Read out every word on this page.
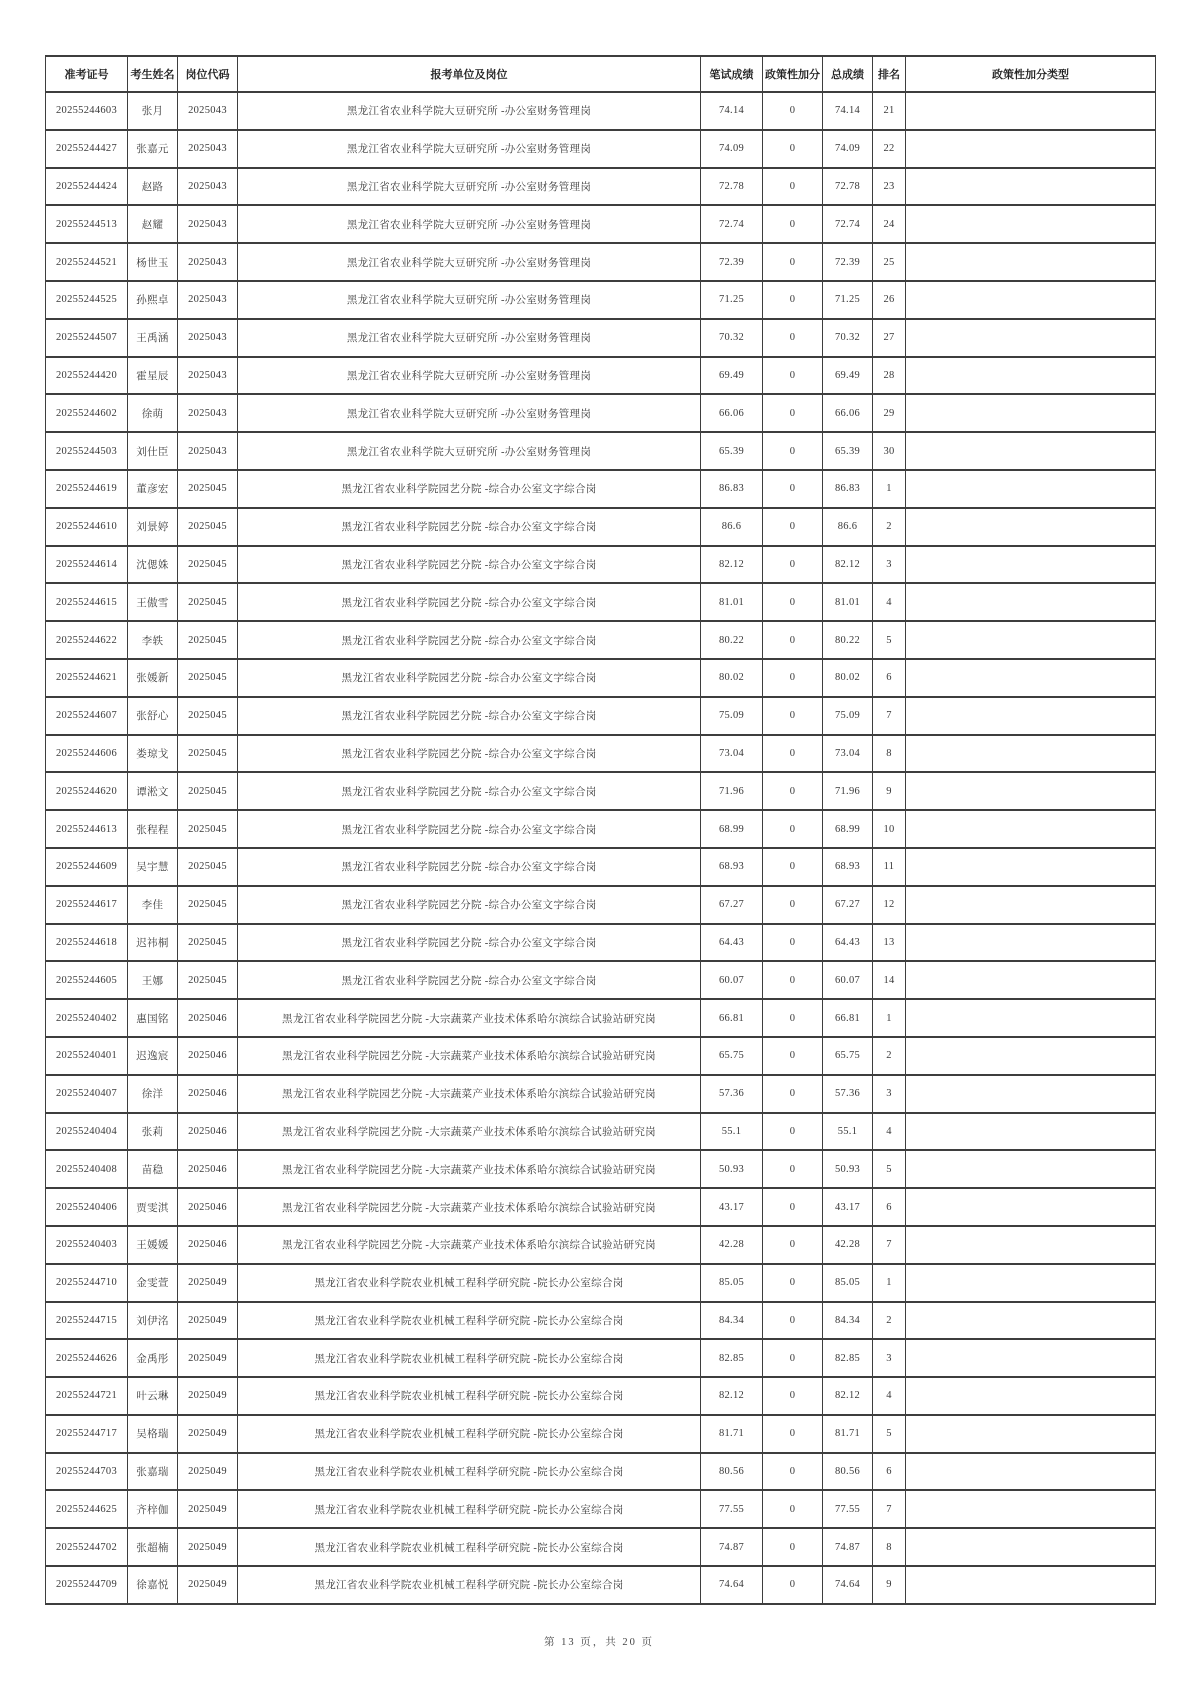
准考证号	考生姓名	岗位代码	报考单位及岗位	笔试成绩	政策性加分	总成绩	排名	政策性加分类型
20255244603	张月	2025043	黑龙江省农业科学院大豆研究所 -办公室财务管理岗	74.14	0	74.14	21	
20255244427	张嘉元	2025043	黑龙江省农业科学院大豆研究所 -办公室财务管理岗	74.09	0	74.09	22	
20255244424	赵路	2025043	黑龙江省农业科学院大豆研究所 -办公室财务管理岗	72.78	0	72.78	23	
20255244513	赵耀	2025043	黑龙江省农业科学院大豆研究所 -办公室财务管理岗	72.74	0	72.74	24	
20255244521	杨世玉	2025043	黑龙江省农业科学院大豆研究所 -办公室财务管理岗	72.39	0	72.39	25	
20255244525	孙熙卓	2025043	黑龙江省农业科学院大豆研究所 -办公室财务管理岗	71.25	0	71.25	26	
20255244507	王禹涵	2025043	黑龙江省农业科学院大豆研究所 -办公室财务管理岗	70.32	0	70.32	27	
20255244420	霍星辰	2025043	黑龙江省农业科学院大豆研究所 -办公室财务管理岗	69.49	0	69.49	28	
20255244602	徐萌	2025043	黑龙江省农业科学院大豆研究所 -办公室财务管理岗	66.06	0	66.06	29	
20255244503	刘仕臣	2025043	黑龙江省农业科学院大豆研究所 -办公室财务管理岗	65.39	0	65.39	30	
20255244619	董彦宏	2025045	黑龙江省农业科学院园艺分院 -综合办公室文字综合岗	86.83	0	86.83	1	
20255244610	刘景婷	2025045	黑龙江省农业科学院园艺分院 -综合办公室文字综合岗	86.6	0	86.6	2	
20255244614	沈偲姝	2025045	黑龙江省农业科学院园艺分院 -综合办公室文字综合岗	82.12	0	82.12	3	
20255244615	王傲雪	2025045	黑龙江省农业科学院园艺分院 -综合办公室文字综合岗	81.01	0	81.01	4	
20255244622	李轶	2025045	黑龙江省农业科学院园艺分院 -综合办公室文字综合岗	80.22	0	80.22	5	
20255244621	张媛新	2025045	黑龙江省农业科学院园艺分院 -综合办公室文字综合岗	80.02	0	80.02	6	
20255244607	张舒心	2025045	黑龙江省农业科学院园艺分院 -综合办公室文字综合岗	75.09	0	75.09	7	
20255244606	娄琼戈	2025045	黑龙江省农业科学院园艺分院 -综合办公室文字综合岗	73.04	0	73.04	8	
20255244620	谭淞文	2025045	黑龙江省农业科学院园艺分院 -综合办公室文字综合岗	71.96	0	71.96	9	
20255244613	张程程	2025045	黑龙江省农业科学院园艺分院 -综合办公室文字综合岗	68.99	0	68.99	10	
20255244609	吴宇慧	2025045	黑龙江省农业科学院园艺分院 -综合办公室文字综合岗	68.93	0	68.93	11	
20255244617	李佳	2025045	黑龙江省农业科学院园艺分院 -综合办公室文字综合岗	67.27	0	67.27	12	
20255244618	迟祎桐	2025045	黑龙江省农业科学院园艺分院 -综合办公室文字综合岗	64.43	0	64.43	13	
20255244605	王娜	2025045	黑龙江省农业科学院园艺分院 -综合办公室文字综合岗	60.07	0	60.07	14	
20255240402	惠国铭	2025046	黑龙江省农业科学院园艺分院 -大宗蔬菜产业技术体系哈尔滨综合试验站研究岗	66.81	0	66.81	1	
20255240401	迟逸宸	2025046	黑龙江省农业科学院园艺分院 -大宗蔬菜产业技术体系哈尔滨综合试验站研究岗	65.75	0	65.75	2	
20255240407	徐洋	2025046	黑龙江省农业科学院园艺分院 -大宗蔬菜产业技术体系哈尔滨综合试验站研究岗	57.36	0	57.36	3	
20255240404	张莉	2025046	黑龙江省农业科学院园艺分院 -大宗蔬菜产业技术体系哈尔滨综合试验站研究岗	55.1	0	55.1	4	
20255240408	苗稳	2025046	黑龙江省农业科学院园艺分院 -大宗蔬菜产业技术体系哈尔滨综合试验站研究岗	50.93	0	50.93	5	
20255240406	贾雯淇	2025046	黑龙江省农业科学院园艺分院 -大宗蔬菜产业技术体系哈尔滨综合试验站研究岗	43.17	0	43.17	6	
20255240403	王媛媛	2025046	黑龙江省农业科学院园艺分院 -大宗蔬菜产业技术体系哈尔滨综合试验站研究岗	42.28	0	42.28	7	
20255244710	金雯萱	2025049	黑龙江省农业科学院农业机械工程科学研究院 -院长办公室综合岗	85.05	0	85.05	1	
20255244715	刘伊洺	2025049	黑龙江省农业科学院农业机械工程科学研究院 -院长办公室综合岗	84.34	0	84.34	2	
20255244626	金禹彤	2025049	黑龙江省农业科学院农业机械工程科学研究院 -院长办公室综合岗	82.85	0	82.85	3	
20255244721	叶云琳	2025049	黑龙江省农业科学院农业机械工程科学研究院 -院长办公室综合岗	82.12	0	82.12	4	
20255244717	吴格瑞	2025049	黑龙江省农业科学院农业机械工程科学研究院 -院长办公室综合岗	81.71	0	81.71	5	
20255244703	张嘉瑞	2025049	黑龙江省农业科学院农业机械工程科学研究院 -院长办公室综合岗	80.56	0	80.56	6	
20255244625	齐梓伽	2025049	黑龙江省农业科学院农业机械工程科学研究院 -院长办公室综合岗	77.55	0	77.55	7	
20255244702	张超楠	2025049	黑龙江省农业科学院农业机械工程科学研究院 -院长办公室综合岗	74.87	0	74.87	8	
20255244709	徐嘉悦	2025049	黑龙江省农业科学院农业机械工程科学研究院 -院长办公室综合岗	74.64	0	74.64	9	
第 13 页，共 20 页
